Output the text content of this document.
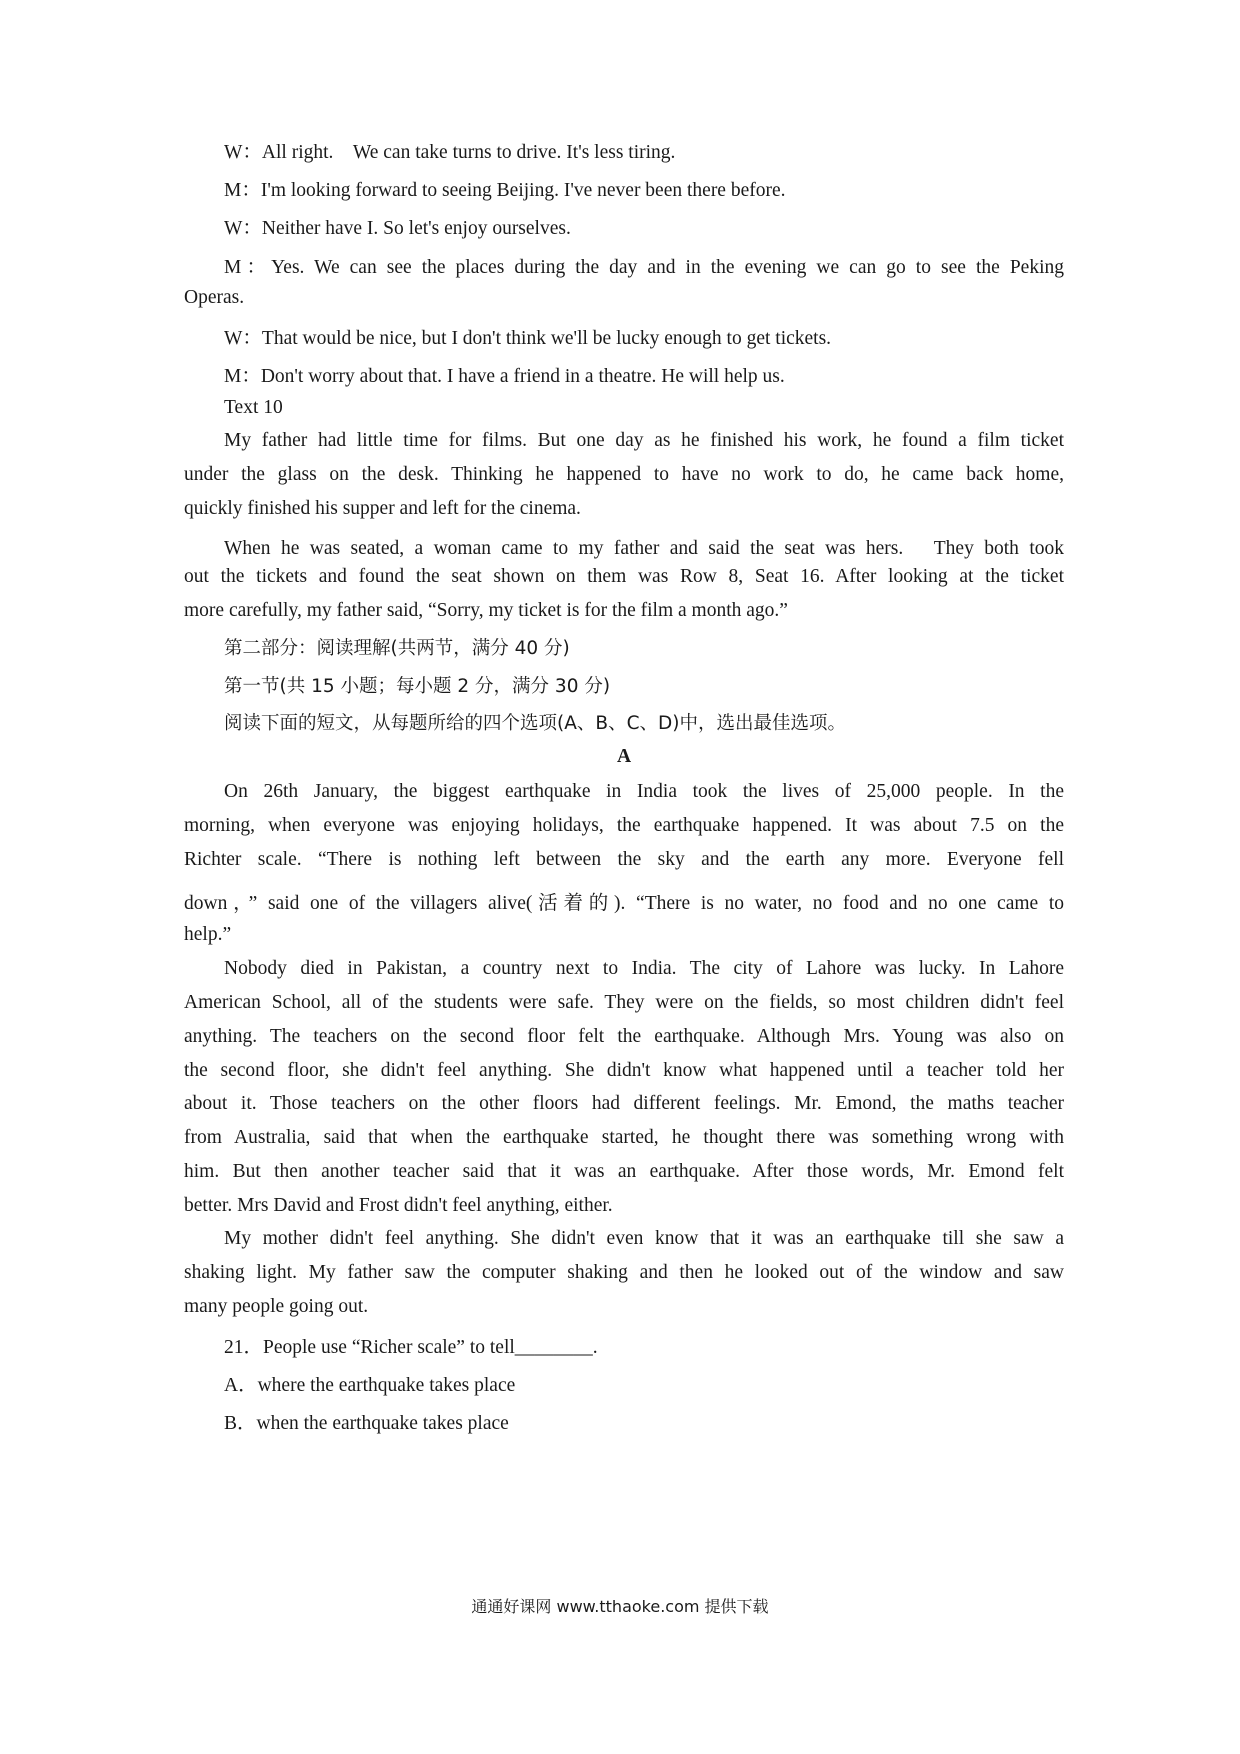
W：All right.　We can take turns to drive. It's less tiring.
M：I'm looking forward to seeing Beijing. I've never been there before.
W：Neither have I. So let's enjoy ourselves.
M：Yes. We can see the places during the day and in the evening we can go to see the Peking
Operas.
W：That would be nice, but I don't think we'll be lucky enough to get tickets.
M：Don't worry about that. I have a friend in a theatre. He will help us.
Text 10
My father had little time for films. But one day as he finished his work, he found a film ticket
under the glass on the desk. Thinking he happened to have no work to do, he came back home,
quickly finished his supper and left for the cinema.
When he was seated, a woman came to my father and said the seat was hers.　They both took
out the tickets and found the seat shown on them was Row 8, Seat 16. After looking at the ticket
more carefully, my father said, “Sorry, my ticket is for the film a month ago.”
第二部分：阅读理解(共两节，满分 40 分)
第一节(共 15 小题；每小题 2 分，满分 30 分)
阅读下面的短文，从每题所给的四个选项(A、B、C、D)中，选出最佳选项。
A
On 26th January, the biggest earthquake in India took the lives of 25,000 people. In the
morning, when everyone was enjoying holidays, the earthquake happened. It was about 7.5 on the
Richter scale. “There is nothing left between the sky and the earth any more. Everyone fell
down，” said one of the villagers alive(活着的). “There is no water, no food and no one came to
help.”
Nobody died in Pakistan, a country next to India. The city of Lahore was lucky. In Lahore
American School, all of the students were safe. They were on the fields, so most children didn't feel
anything. The teachers on the second floor felt the earthquake. Although Mrs. Young was also on
the second floor, she didn't feel anything. She didn't know what happened until a teacher told her
about it. Those teachers on the other floors had different feelings. Mr. Emond, the maths teacher
from Australia, said that when the earthquake started, he thought there was something wrong with
him. But then another teacher said that it was an earthquake. After those words, Mr. Emond felt
better. Mrs David and Frost didn't feel anything, either.
My mother didn't feel anything. She didn't even know that it was an earthquake till she saw a
shaking light. My father saw the computer shaking and then he looked out of the window and saw
many people going out.
21．People use “Richer scale” to tell________.
A．where the earthquake takes place
B．when the earthquake takes place
通通好课网 www.tthaoke.com 提供下载
